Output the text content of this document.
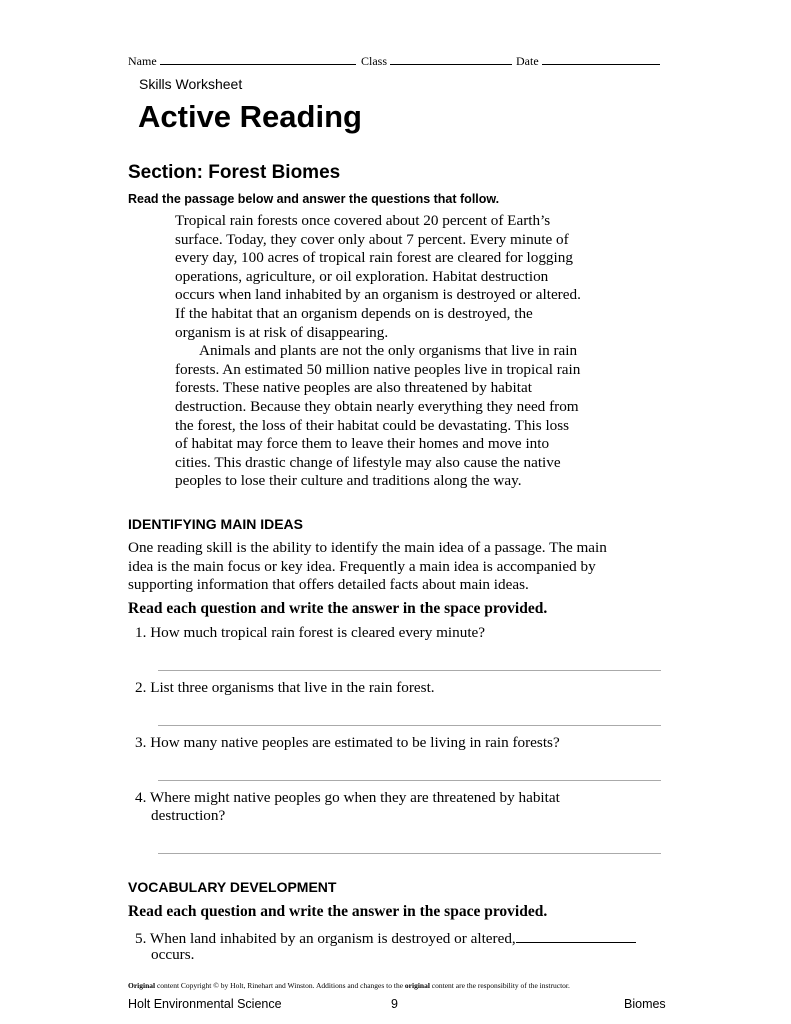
Name	Class	Date
Skills Worksheet
Active Reading
Section: Forest Biomes
Read the passage below and answer the questions that follow.
Tropical rain forests once covered about 20 percent of Earth’s
surface. Today, they cover only about 7 percent. Every minute of
every day, 100 acres of tropical rain forest are cleared for logging
operations, agriculture, or oil exploration. Habitat destruction
occurs when land inhabited by an organism is destroyed or altered.
If the habitat that an organism depends on is destroyed, the
organism is at risk of disappearing.
Animals and plants are not the only organisms that live in rain
forests. An estimated 50 million native peoples live in tropical rain
forests. These native peoples are also threatened by habitat
destruction. Because they obtain nearly everything they need from
the forest, the loss of their habitat could be devastating. This loss
of habitat may force them to leave their homes and move into
cities. This drastic change of lifestyle may also cause the native
peoples to lose their culture and traditions along the way.
IDENTIFYING MAIN IDEAS
One reading skill is the ability to identify the main idea of a passage. The main
idea is the main focus or key idea. Frequently a main idea is accompanied by
supporting information that offers detailed facts about main ideas.
Read each question and write the answer in the space provided.
1. How much tropical rain forest is cleared every minute?
2. List three organisms that live in the rain forest.
3. How many native peoples are estimated to be living in rain forests?
4. Where might native peoples go when they are threatened by habitat
destruction?
VOCABULARY DEVELOPMENT
Read each question and write the answer in the space provided.
5. When land inhabited by an organism is destroyed or altered,
occurs.
Original content Copyright © by Holt, Rinehart and Winston. Additions and changes to the original content are the responsibility of the instructor.
Holt Environmental Science	9	Biomes
